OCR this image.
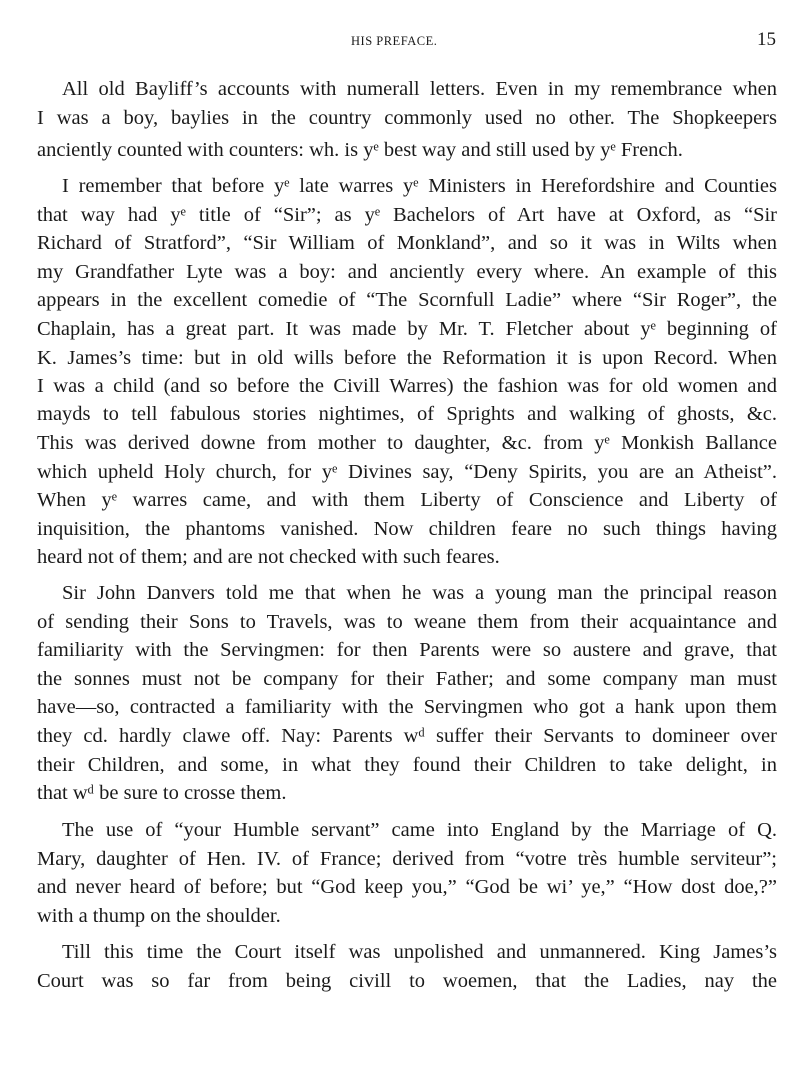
HIS PREFACE.	15
All old Bayliff’s accounts with numerall letters. Even in my remembrance when
I was a boy, baylies in the country commonly used no other. The Shopkeepers
anciently counted with counters: wh. is yᵉ best way and still used by yᵉ French.
I remember that before yᵉ late warres yᵉ Ministers in Herefordshire and Counties
that way had yᵉ title of “Sir”; as yᵉ Bachelors of Art have at Oxford, as “Sir
Richard of Stratford”, “Sir William of Monkland”, and so it was in Wilts when
my Grandfather Lyte was a boy: and anciently every where. An example of this
appears in the excellent comedie of “The Scornfull Ladie” where “Sir Roger”, the
Chaplain, has a great part. It was made by Mr. T. Fletcher about yᵉ beginning of
K. James’s time: but in old wills before the Reformation it is upon Record. When
I was a child (and so before the Civill Warres) the fashion was for old women and
mayds to tell fabulous stories nightimes, of Sprights and walking of ghosts, &c.
This was derived downe from mother to daughter, &c. from yᵉ Monkish Ballance
which upheld Holy church, for yᵉ Divines say, “Deny Spirits, you are an Atheist”.
When yᵉ warres came, and with them Liberty of Conscience and Liberty of
inquisition, the phantoms vanished. Now children feare no such things having
heard not of them; and are not checked with such feares.
Sir John Danvers told me that when he was a young man the principal reason
of sending their Sons to Travels, was to weane them from their acquaintance and
familiarity with the Servingmen: for then Parents were so austere and grave, that
the sonnes must not be company for their Father; and some company man must
have—so, contracted a familiarity with the Servingmen who got a hank upon them
they cd. hardly clawe off. Nay: Parents wᵈ suffer their Servants to domineer over
their Children, and some, in what they found their Children to take delight, in
that wᵈ be sure to crosse them.
The use of “your Humble servant” came into England by the Marriage of Q.
Mary, daughter of Hen. IV. of France; derived from “votre très humble serviteur”;
and never heard of before; but “God keep you,” “God be wi’ ye,” “How dost doe,?”
with a thump on the shoulder.
Till this time the Court itself was unpolished and unmannered. King James’s
Court was so far from being civill to woemen, that the Ladies, nay the
